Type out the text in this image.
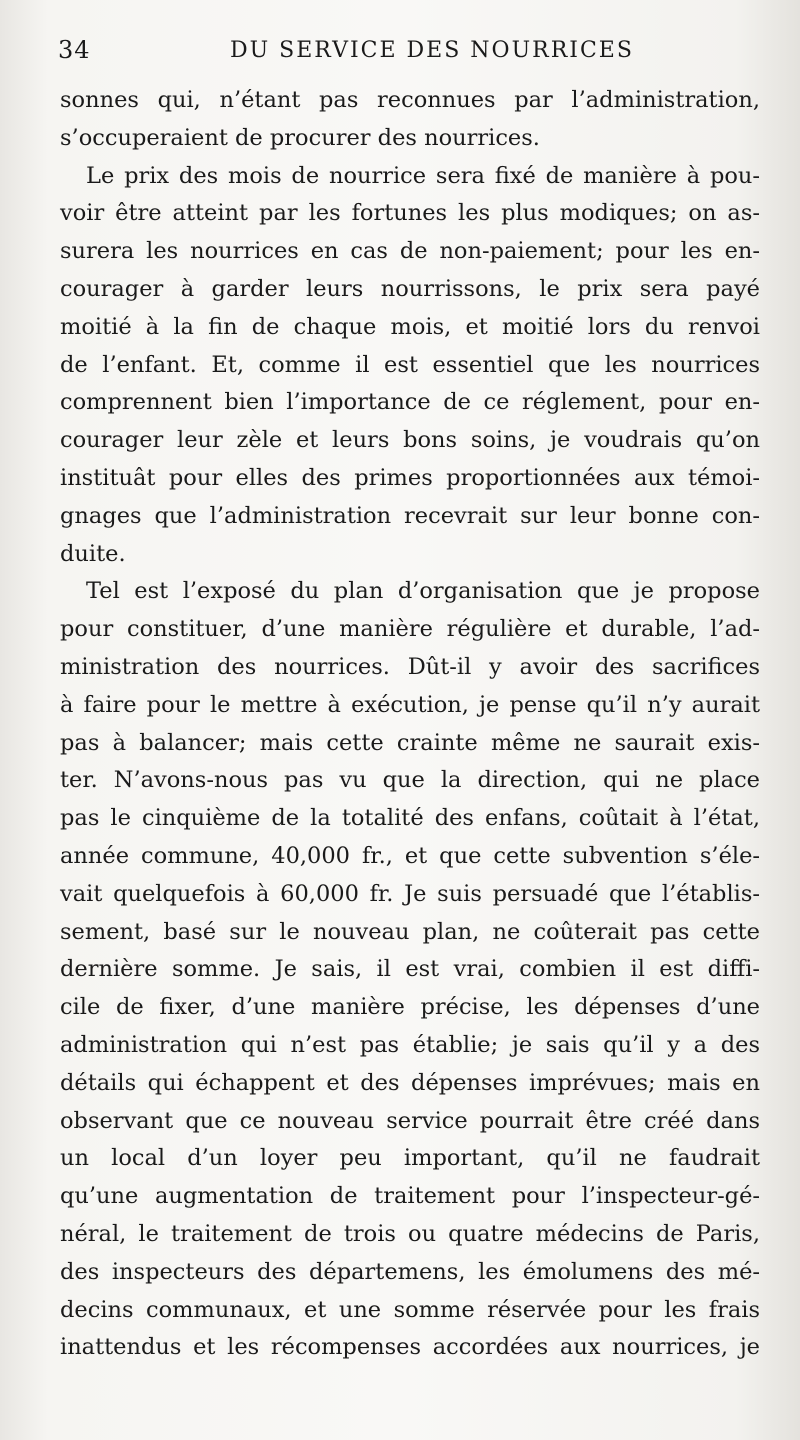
34	DU SERVICE DES NOURRICES
sonnes qui, n’étant pas reconnues par l’administration,
s’occuperaient de procurer des nourrices.
Le prix des mois de nourrice sera fixé de manière à pou-
voir être atteint par les fortunes les plus modiques; on as-
surera les nourrices en cas de non-paiement; pour les en-
courager à garder leurs nourrissons, le prix sera payé
moitié à la fin de chaque mois, et moitié lors du renvoi
de l’enfant. Et, comme il est essentiel que les nourrices
comprennent bien l’importance de ce réglement, pour en-
courager leur zèle et leurs bons soins, je voudrais qu’on
instituât pour elles des primes proportionnées aux témoi-
gnages que l’administration recevrait sur leur bonne con-
duite.
Tel est l’exposé du plan d’organisation que je propose
pour constituer, d’une manière régulière et durable, l’ad-
ministration des nourrices. Dût-il y avoir des sacrifices
à faire pour le mettre à exécution, je pense qu’il n’y aurait
pas à balancer; mais cette crainte même ne saurait exis-
ter. N’avons-nous pas vu que la direction, qui ne place
pas le cinquième de la totalité des enfans, coûtait à l’état,
année commune, 40,000 fr., et que cette subvention s’éle-
vait quelquefois à 60,000 fr. Je suis persuadé que l’établis-
sement, basé sur le nouveau plan, ne coûterait pas cette
dernière somme. Je sais, il est vrai, combien il est diffi-
cile de fixer, d’une manière précise, les dépenses d’une
administration qui n’est pas établie; je sais qu’il y a des
détails qui échappent et des dépenses imprévues; mais en
observant que ce nouveau service pourrait être créé dans
un local d’un loyer peu important, qu’il ne faudrait
qu’une augmentation de traitement pour l’inspecteur-gé-
néral, le traitement de trois ou quatre médecins de Paris,
des inspecteurs des départemens, les émolumens des mé-
decins communaux, et une somme réservée pour les frais
inattendus et les récompenses accordées aux nourrices, je
